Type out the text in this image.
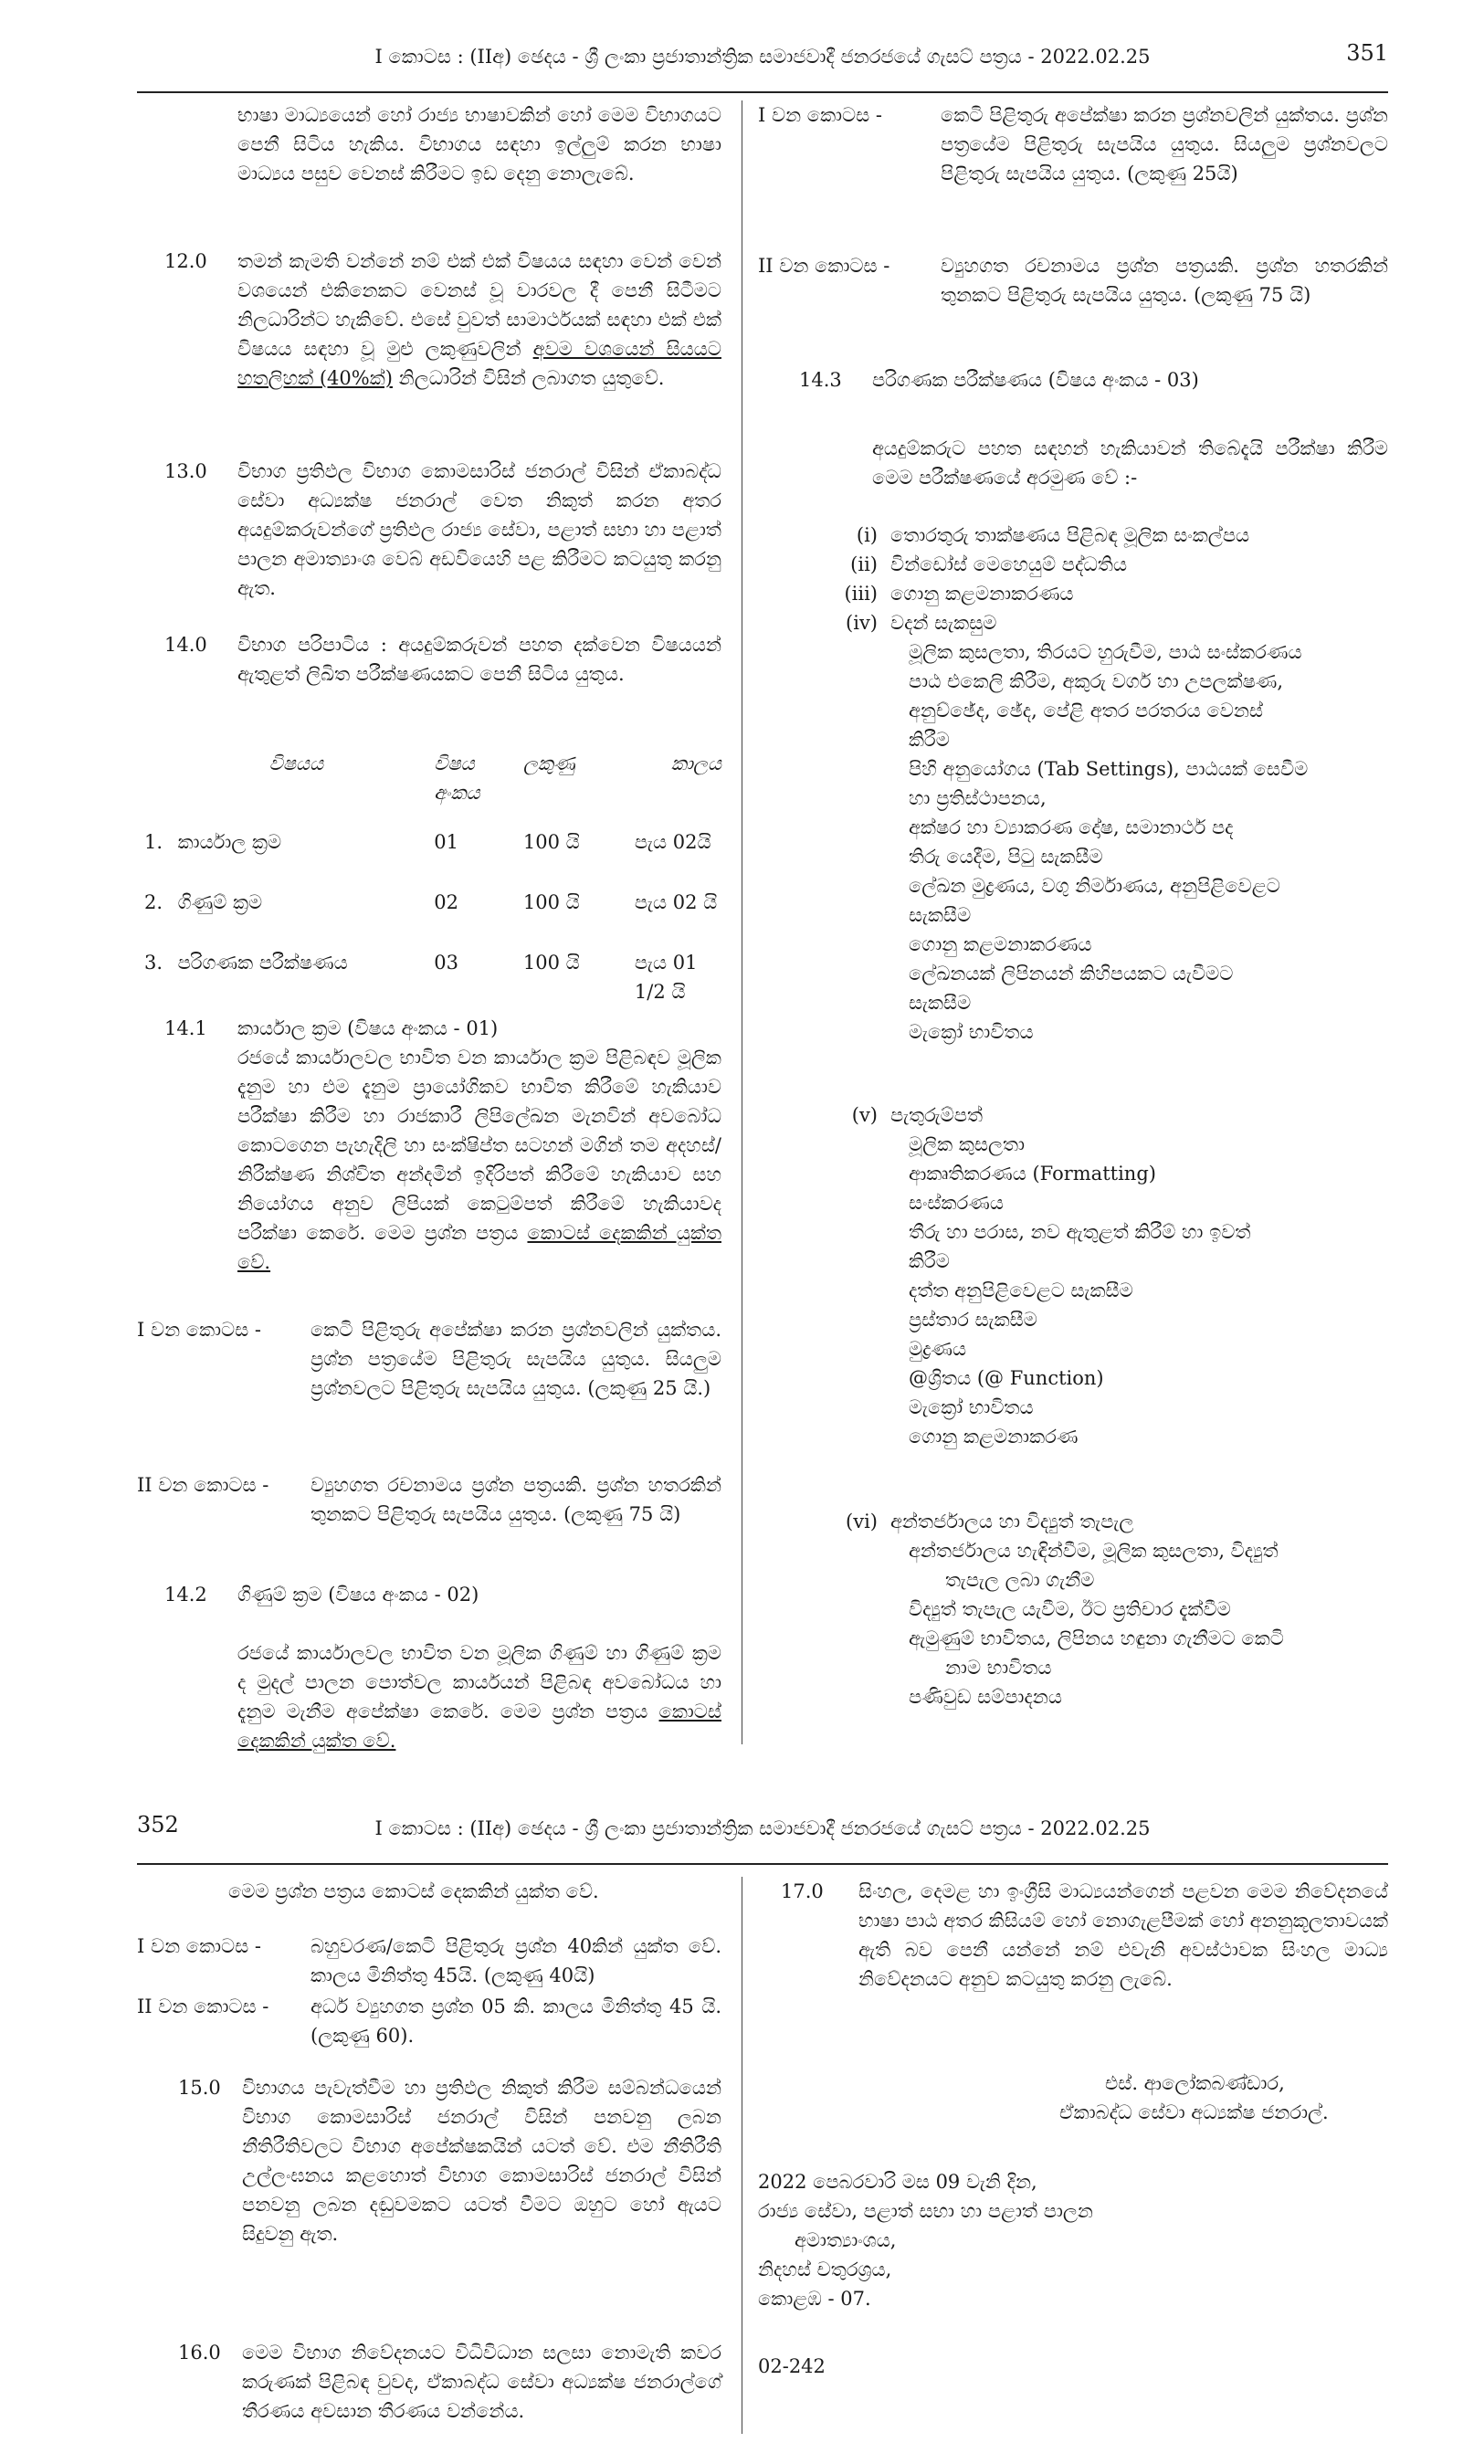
I කොටස : (IIඅ) ඡෙදය - ශ්‍රී ලංකා ප්‍රජාතාන්ත්‍රික සමාජවාදී ජනරජයේ ගැසට් පත්‍රය - 2022.02.25	351

භාෂා මාධ්‍යයෙන් හෝ රාජ්‍ය භාෂාවකින් හෝ මෙම විභාගයට පෙනී සිටිය හැකිය. විභාගය සඳහා ඉල්ලුම් කරන භාෂා මාධ්‍යය පසුව වෙනස් කිරීමට ඉඩ දෙනු නොලැබේ.

12.0 තමන් කැමති වන්නේ නම් එක් එක් විෂයය සඳහා වෙන් වෙන් වශයෙන් එකිනෙකට වෙනස් වූ වාරවල දී පෙනී සිටීමට නිලධාරින්ට හැකිවේ. එසේ වුවත් සාමාර්ථයක් සඳහා එක් එක් විෂයය සඳහා වූ මුළු ලකුණුවලින් අවම වශයෙන් සියයට හතලිහක් (40%ක්) නිලධාරින් විසින් ලබාගත යුතුවේ.

13.0 විභාග ප්‍රතිඵල විභාග කොමසාරිස් ජනරාල් විසින් ඒකාබද්ධ සේවා අධ්‍යක්ෂ ජනරාල් වෙත නිකුත් කරන අතර අයදුම්කරුවන්ගේ ප්‍රතිඵල රාජ්‍ය සේවා, පළාත් සභා හා පළාත් පාලන අමාත්‍යාංශ වෙබ් අඩවියෙහි පළ කිරීමට කටයුතු කරනු ඇත.

14.0 විභාග පරිපාටිය : අයදුම්කරුවන් පහත දක්වෙන විෂයයන් ඇතුළත් ලිඛිත පරීක්ෂණයකට පෙනී සිටිය යුතුය.

	විෂයය	විෂය අංකය	ලකුණු	කාලය
1.	කාර්යාල ක්‍රම	01	100 යි	පැය 02යි
2.	ගිණුම් ක්‍රම	02	100 යි	පැය 02 යි
3.	පරිගණක පරීක්ෂණය	03	100 යි	පැය 01 1/2 යි
14.1 කාර්යාල ක්‍රම (විෂය අංකය - 01)

රජයේ කාර්යාලවල භාවිත වන කාර්යාල ක්‍රම පිළිබඳව මූලික දැනුම හා එම දැනුම ප්‍රායෝගිකව භාවිත කිරීමේ හැකියාව පරීක්ෂා කිරීම හා රාජකාරී ලිපිලේඛන මැනවින් අවබෝධ කොටගෙන පැහැදිලි හා සංක්ෂිප්ත සටහන් මගින් තම අදහස්/නිරීක්ෂණ නිශ්චිත අන්දමින් ඉදිරිපත් කිරීමේ හැකියාව සහ නියෝගය අනුව ලිපියක් කෙටුම්පත් කිරීමේ හැකියාවද පරීක්ෂා කෙරේ. මෙම ප්‍රශ්න පත්‍රය කොටස් දෙකකින් යුක්ත වේ.

I වන කොටස -	කෙටි පිළිතුරු අපේක්ෂා කරන ප්‍රශ්නවලින් යුක්තය. ප්‍රශ්න පත්‍රයේම පිළිතුරු සැපයිය යුතුය. සියලුම ප්‍රශ්නවලට පිළිතුරු සැපයිය යුතුය. (ලකුණු 25 යි.)

II වන කොටස - ව්‍යුහගත රචනාමය ප්‍රශ්න පත්‍රයකි. ප්‍රශ්න හතරකින් තුනකට පිළිතුරු සැපයිය යුතුය. (ලකුණු 75 යි)

14.2 ගිණුම් ක්‍රම (විෂය අංකය - 02)

රජයේ කාර්යාලවල භාවිත වන මූලික ගිණුම් හා ගිණුම් ක්‍රම ද මුදල් පාලන පොත්වල කාර්යයන් පිළිබඳ අවබෝධය හා දැනුම මැනීම අපේක්ෂා කෙරේ. මෙම ප්‍රශ්න පත්‍රය කොටස් දෙකකින් යුක්ත වේ.

I වන කොටස -	කෙටි පිළිතුරු අපේක්ෂා කරන ප්‍රශ්නවලින් යුක්තය. ප්‍රශ්න පත්‍රයේම පිළිතුරු සැපයිය යුතුය. සියලුම ප්‍රශ්නවලට පිළිතුරු සැපයිය යුතුය. (ලකුණු 25යි)

II වන කොටස -	ව්‍යුහගත රචනාමය ප්‍රශ්න පත්‍රයකි. ප්‍රශ්න හතරකින් තුනකට පිළිතුරු සැපයිය යුතුය. (ලකුණු 75 යි)

14.3 පරිගණක පරීක්ෂණය (විෂය අංකය - 03)

අයදුම්කරුට පහත සඳහන් හැකියාවන් තිබේදැයි පරීක්ෂා කිරීම මෙම පරීක්ෂණයේ අරමුණ වේ :-

(i) තොරතුරු තාක්ෂණය පිළිබඳ මූලික සංකල්පය
(ii) වින්ඩෝස් මෙහෙයුම් පද්ධතිය
(iii) ගොනු කළමනාකරණය
(iv) වදන් සැකසුම
මූලික කුසලතා, තිරයට හුරුවීම, පාඨ සංස්කරණය
පාඨ එකෙලි කිරීම, අකුරු වර්ග හා උපලක්ෂණ,
අනුච්ඡේද, ඡේද, පේළි අතර පරතරය වෙනස්
කිරීම
පිහි අනුයෝගය (Tab Settings), පාඨයක් සෙවීම
හා ප්‍රතිස්ථාපනය,
අක්ෂර හා ව්‍යාකරණ දෝෂ, සමානාර්ථ පද
තිරු යෙදීම, පිටු සැකසීම
ලේඛන මුද්‍රණය, වගු නිර්මාණය, අනුපිළිවෙළට
සැකසීම
ගොනු කළමනාකරණය
ලේඛනයක් ලිපිනයන් කිහිපයකට යැවීමට
සැකසීම
මැක්‍රෝ භාවිතය
(v) පැතුරුම්පත්
මූලික කුසලතා
ආකෘතිකරණය (Formatting)
සංස්කරණය
තීරු හා පරාස, නව ඇතුළත් කිරීම් හා ඉවත්
කිරීම
දත්ත අනුපිළිවෙළට සැකසීම
ප්‍රස්තාර සැකසීම
මුද්‍රණය
@ශ්‍රිතය (@ Function)
මැක්‍රෝ භාවිතය
ගොනු කළමනාකරණ
(vi) අන්තර්ජාලය හා විද්‍යුත් තැපැල
අන්තර්ජාලය හැඳින්වීම, මූලික කුසලතා, විද්‍යුත්
තැපැල ලබා ගැනීම
විද්‍යුත් තැපැල යැවීම, ඊට ප්‍රතිචාර දැක්වීම
ඇමුණුම් භාවිතය, ලිපිනය හඳුනා ගැනීමට කෙටි
නාම භාවිතය
පණිවුඩ සම්පාදනය
352	I කොටස : (IIඅ) ඡෙදය - ශ්‍රී ලංකා ප්‍රජාතාන්ත්‍රික සමාජවාදී ජනරජයේ ගැසට් පත්‍රය - 2022.02.25

මෙම ප්‍රශ්න පත්‍රය කොටස් දෙකකින් යුක්ත වේ.

I වන කොටස -	බහුවරණ/කෙටි පිළිතුරු ප්‍රශ්න 40කින් යුක්ත වේ. කාලය මිනිත්තු 45යි. (ලකුණු 40යි)

II වන කොටස - අර්ධ ව්‍යුහගත ප්‍රශ්න 05 කි. කාලය මිනිත්තු 45 යි. (ලකුණු 60).

15.0 විභාගය පැවැත්වීම හා ප්‍රතිඵල නිකුත් කිරීම සම්බන්ධයෙන් විභාග කොමසාරිස් ජනරාල් විසින් පනවනු ලබන නීතිරීතිවලට විභාග අපේක්ෂකයින් යටත් වේ. එම නීතිරීති උල්ලංඝනය කළහොත් විභාග කොමසාරිස් ජනරාල් විසින් පනවනු ලබන දඬුවමකට යටත් වීමට ඔහුට හෝ ඇයට සිදුවනු ඇත.

16.0 මෙම විභාග නිවේදනයට විධිවිධාන සලසා නොමැති කවර කරුණක් පිළිබඳ වුවද, ඒකාබද්ධ සේවා අධ්‍යක්ෂ ජනරාල්ගේ තීරණය අවසාන තීරණය වන්නේය.

17.0 සිංහල, දෙමළ හා ඉංග්‍රීසි මාධ්‍යයන්ගෙන් පළවන මෙම නිවේදනයේ භාෂා පාඨ අතර කිසියම් හෝ නොගැළපීමක් හෝ අනනුකූලතාවයක් ඇති බව පෙනී යන්නේ නම් එවැනි අවස්ථාවක සිංහල මාධ්‍ය නිවේදනයට අනුව කටයුතු කරනු ලැබේ.

එස්. ආලෝකබණ්ඩාර,

ඒකාබද්ධ සේවා අධ්‍යක්ෂ ජනරාල්.

2022 පෙබරවාරි මස 09 වැනි දින,

රාජ්‍ය සේවා, පළාත් සභා හා පළාත් පාලන

අමාත්‍යාංශය,

නිදහස් චතුරශ්‍රය,

කොළඹ - 07.

02-242
